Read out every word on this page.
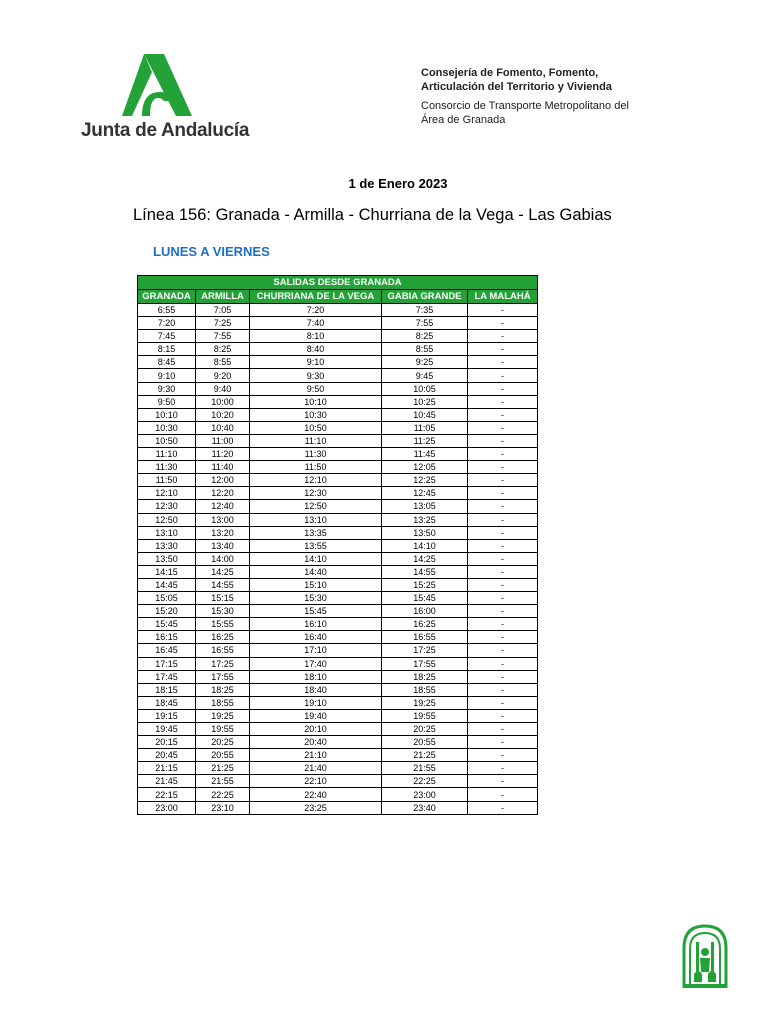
Junta de Andalucía
Consejería de Fomento, Fomento,
Articulación del Territorio y Vivienda
Consorcio de Transporte Metropolitano del
Área de Granada
1 de Enero 2023
Línea 156: Granada - Armilla - Churriana de la Vega - Las Gabias
LUNES A VIERNES
SALIDAS DESDE GRANADA				
GRANADA	ARMILLA	CHURRIANA DE LA VEGA	GABIA GRANDE	LA MALAHÁ
6:55	7:05	7:20	7:35	-
7:20	7:25	7:40	7:55	-
7:45	7:55	8:10	8:25	-
8:15	8:25	8:40	8:55	-
8:45	8:55	9:10	9:25	-
9:10	9:20	9:30	9:45	-
9:30	9:40	9:50	10:05	-
9:50	10:00	10:10	10:25	-
10:10	10:20	10:30	10:45	-
10:30	10:40	10:50	11:05	-
10:50	11:00	11:10	11:25	-
11:10	11:20	11:30	11:45	-
11:30	11:40	11:50	12:05	-
11:50	12:00	12:10	12:25	-
12:10	12:20	12:30	12:45	-
12:30	12:40	12:50	13:05	-
12:50	13:00	13:10	13:25	-
13:10	13:20	13:35	13:50	-
13:30	13:40	13:55	14:10	-
13:50	14:00	14:10	14:25	-
14:15	14:25	14:40	14:55	-
14:45	14:55	15:10	15:25	-
15:05	15:15	15:30	15:45	-
15:20	15:30	15:45	16:00	-
15:45	15:55	16:10	16:25	-
16:15	16:25	16:40	16:55	-
16:45	16:55	17:10	17:25	-
17:15	17:25	17:40	17:55	-
17:45	17:55	18:10	18:25	-
18:15	18:25	18:40	18:55	-
18:45	18:55	19:10	19:25	-
19:15	19:25	19:40	19:55	-
19:45	19:55	20:10	20:25	-
20:15	20:25	20:40	20:55	-
20:45	20:55	21:10	21:25	-
21:15	21:25	21:40	21:55	-
21:45	21:55	22:10	22:25	-
22:15	22:25	22:40	23:00	-
23:00	23:10	23:25	23:40	-
